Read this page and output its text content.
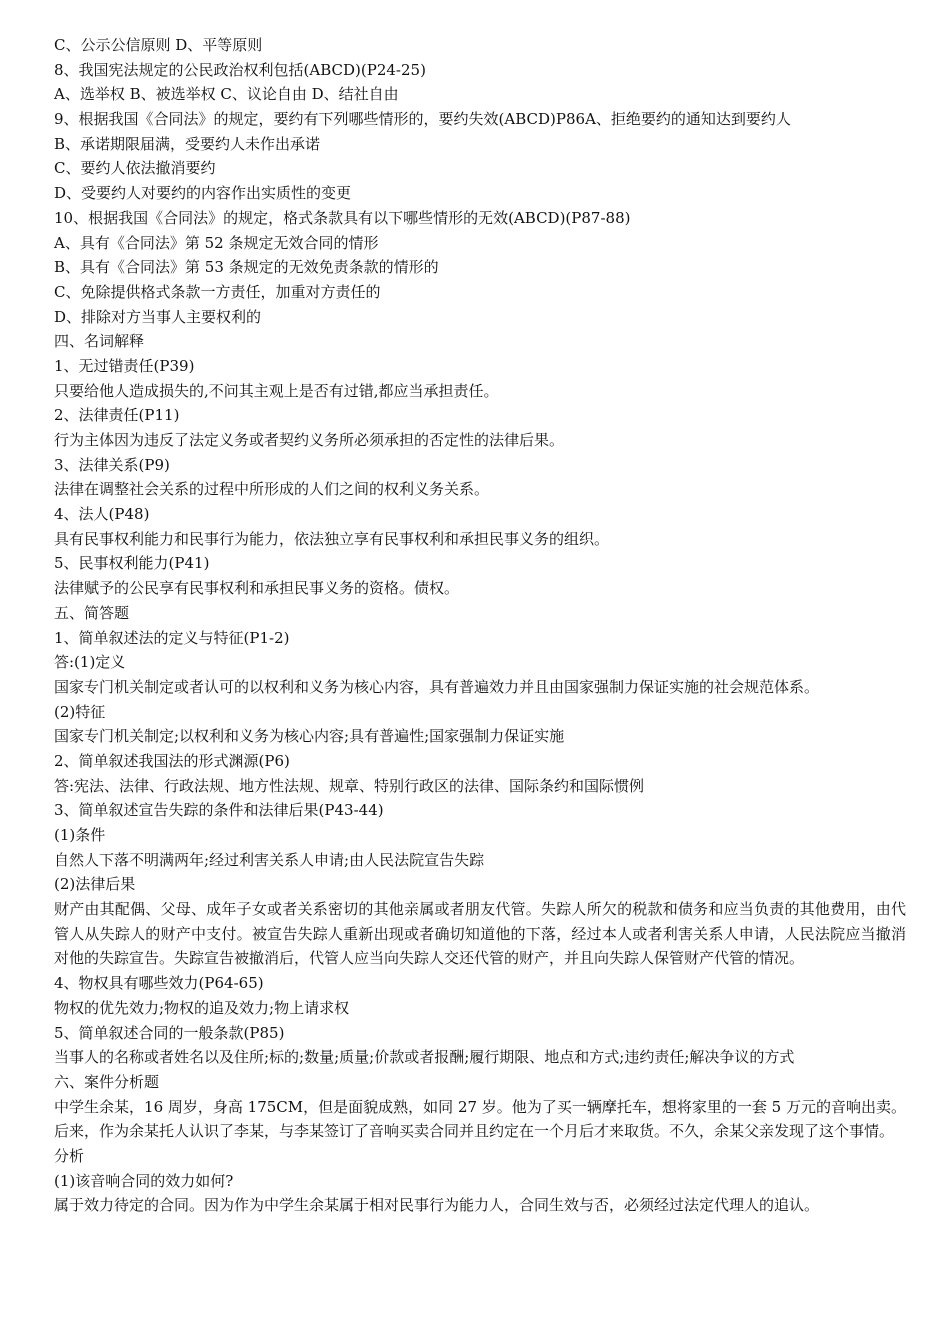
C、公示公信原则 D、平等原则
8、我国宪法规定的公民政治权利包括(ABCD)(P24-25)
A、选举权 B、被选举权 C、议论自由 D、结社自由
9、根据我国《合同法》的规定，要约有下列哪些情形的，要约失效(ABCD)P86A、拒绝要约的通知达到要约人
B、承诺期限届满，受要约人未作出承诺
C、要约人依法撤消要约
D、受要约人对要约的内容作出实质性的变更
10、根据我国《合同法》的规定，格式条款具有以下哪些情形的无效(ABCD)(P87-88)
A、具有《合同法》第 52 条规定无效合同的情形
B、具有《合同法》第 53 条规定的无效免责条款的情形的
C、免除提供格式条款一方责任，加重对方责任的
D、排除对方当事人主要权利的
四、名词解释
1、无过错责任(P39)
只要给他人造成损失的,不问其主观上是否有过错,都应当承担责任。
2、法律责任(P11)
行为主体因为违反了法定义务或者契约义务所必须承担的否定性的法律后果。
3、法律关系(P9)
法律在调整社会关系的过程中所形成的人们之间的权利义务关系。
4、法人(P48)
具有民事权利能力和民事行为能力，依法独立享有民事权利和承担民事义务的组织。
5、民事权利能力(P41)
法律赋予的公民享有民事权利和承担民事义务的资格。债权。
五、简答题
1、简单叙述法的定义与特征(P1-2)
答:(1)定义
国家专门机关制定或者认可的以权利和义务为核心内容，具有普遍效力并且由国家强制力保证实施的社会规范体系。
(2)特征
国家专门机关制定;以权利和义务为核心内容;具有普遍性;国家强制力保证实施
2、简单叙述我国法的形式渊源(P6)
答:宪法、法律、行政法规、地方性法规、规章、特别行政区的法律、国际条约和国际惯例
3、简单叙述宣告失踪的条件和法律后果(P43-44)
(1)条件
自然人下落不明满两年;经过利害关系人申请;由人民法院宣告失踪
(2)法律后果
财产由其配偶、父母、成年子女或者关系密切的其他亲属或者朋友代管。失踪人所欠的税款和债务和应当负责的其他费用，由代管人从失踪人的财产中支付。被宣告失踪人重新出现或者确切知道他的下落，经过本人或者利害关系人申请，人民法院应当撤消对他的失踪宣告。失踪宣告被撤消后，代管人应当向失踪人交还代管的财产，并且向失踪人保管财产代管的情况。
4、物权具有哪些效力(P64-65)
物权的优先效力;物权的追及效力;物上请求权
5、简单叙述合同的一般条款(P85)
当事人的名称或者姓名以及住所;标的;数量;质量;价款或者报酬;履行期限、地点和方式;违约责任;解决争议的方式
六、案件分析题
中学生余某，16 周岁，身高 175CM，但是面貌成熟，如同 27 岁。他为了买一辆摩托车，想将家里的一套 5 万元的音响出卖。后来，作为余某托人认识了李某，与李某签订了音响买卖合同并且约定在一个月后才来取货。不久，余某父亲发现了这个事情。
分析
(1)该音响合同的效力如何?
属于效力待定的合同。因为作为中学生余某属于相对民事行为能力人，合同生效与否，必须经过法定代理人的追认。
